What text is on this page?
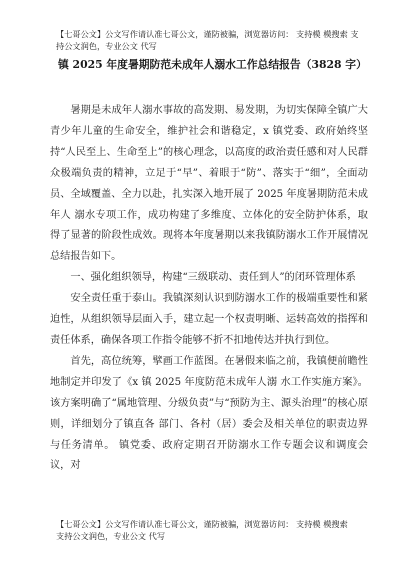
【七哥公文】公文写作请认准七哥公文，谨防被骗，浏览器访问： 支持模 模搜索 支持公文润色，专业公文 代写
镇 2025 年度暑期防范未成年人溺水工作总结报告（3828 字）

暑期是未成年人溺水事故的高发期、易发期，为切实保障全镇广大青少年儿童的生命安全，维护社会和谐稳定，x 镇党委、政府始终坚持“人民至上、生命至上”的核心理念，以高度的政治责任感和对人民群众极端负责的精神，立足于“早”、着眼于“防”、落实于“细”，全面动员、全域覆盖、全力以赴，扎实深入地开展了 2025 年度暑期防范未成年人 溺水专项工作，成功构建了多维度、立体化的安全防护体系，取得了显著的阶段性成效。现将本年度暑期以来我镇防溺水工作开展情况总结报告如下。

一、强化组织领导，构建“三级联动、责任到人”的闭环管理体系

安全责任重于泰山。我镇深刻认识到防溺水工作的极端重要性和紧迫性，从组织领导层面入手，建立起一个权责明晰、运转高效的指挥和责任体系，确保各项工作指令能够不折不扣地传达并执行到位。

首先，高位统筹，擘画工作蓝图。在暑假来临之前，我镇便前瞻性地制定并印发了《x 镇 2025 年度防范未成年人溺 水工作实施方案》。该方案明确了“属地管理、分级负责”与“预防为主、源头治理”的核心原则，详细划分了镇直各 部门、各村（居）委会及相关单位的职责边界与任务清单。 镇党委、政府定期召开防溺水工作专题会议和调度会议，对

【七哥公文】公文写作请认准七哥公文，谨防被骗，浏览器访问： 支持模 模搜索 支持公文润色，专业公文 代写
